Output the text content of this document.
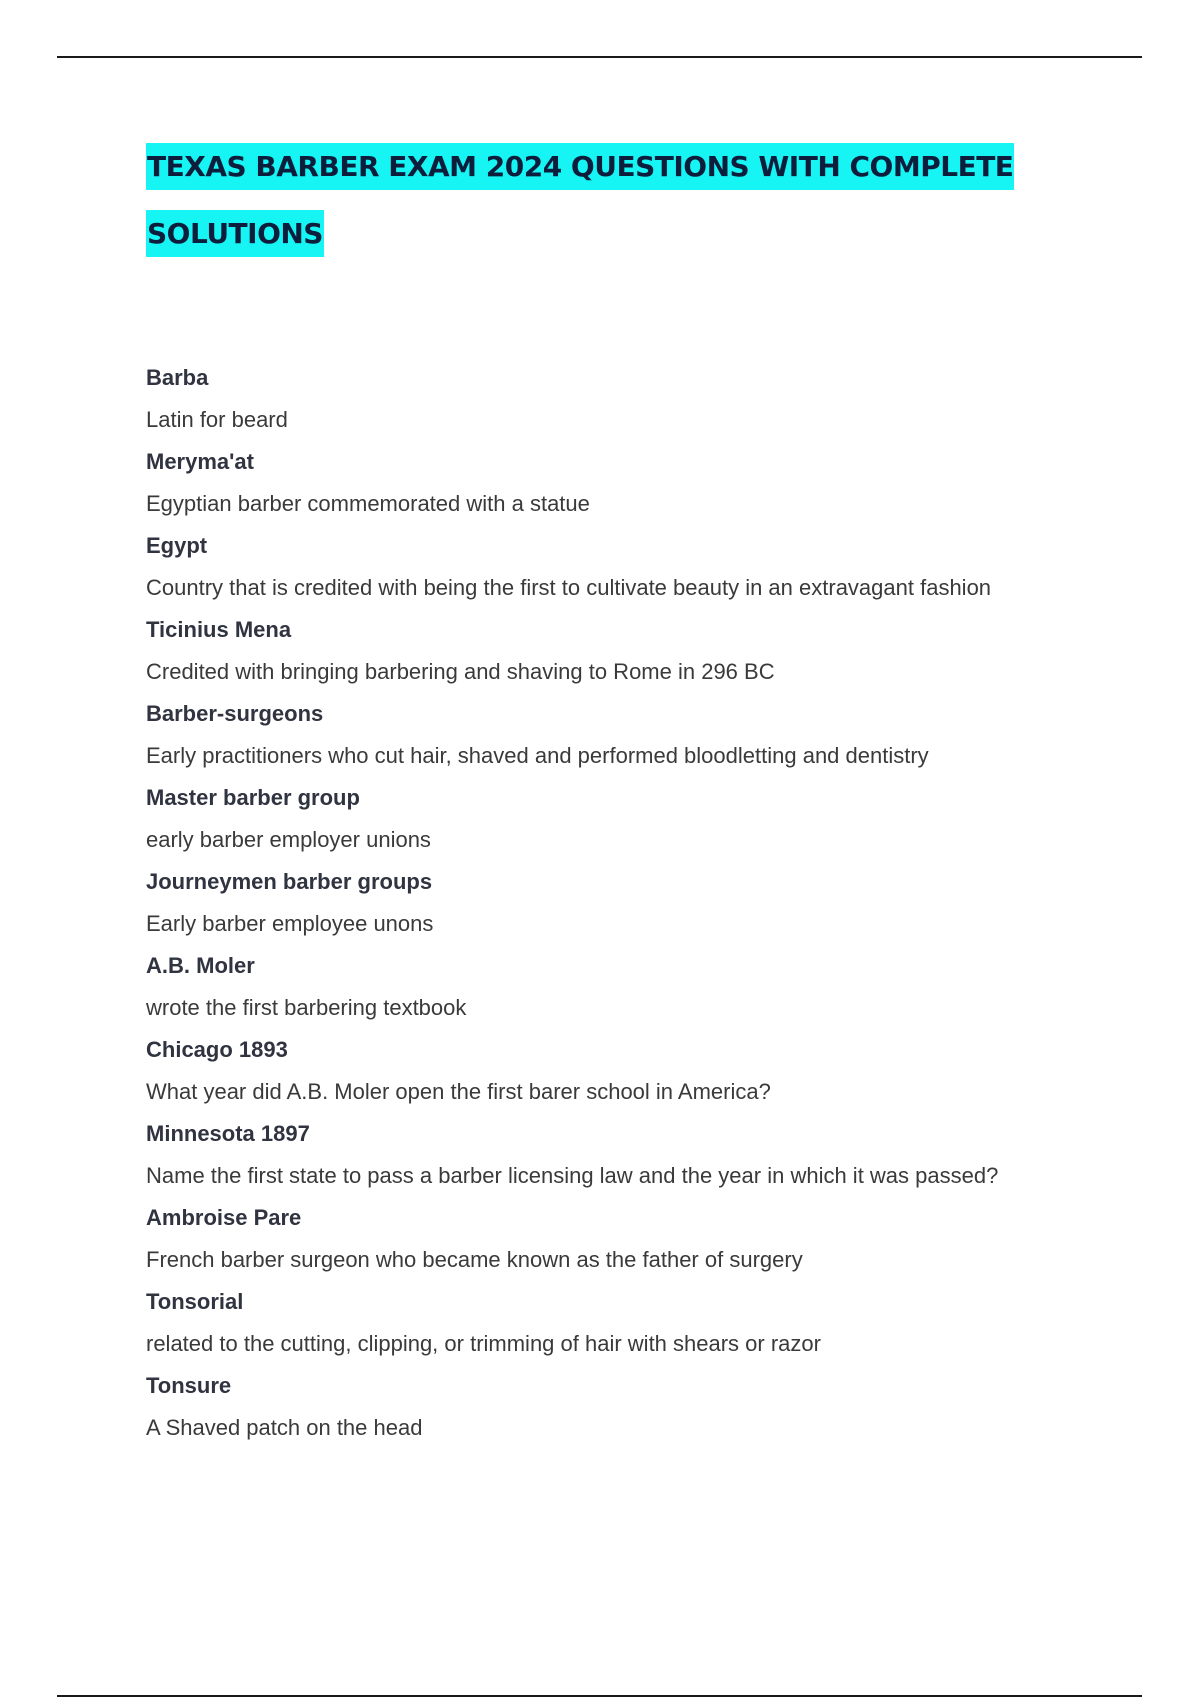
TEXAS BARBER EXAM 2024 QUESTIONS WITH COMPLETE
SOLUTIONS
Barba
Latin for beard
Meryma'at
Egyptian barber commemorated with a statue
Egypt
Country that is credited with being the first to cultivate beauty in an extravagant fashion
Ticinius Mena
Credited with bringing barbering and shaving to Rome in 296 BC
Barber-surgeons
Early practitioners who cut hair, shaved and performed bloodletting and dentistry
Master barber group
early barber employer unions
Journeymen barber groups
Early barber employee unons
A.B. Moler
wrote the first barbering textbook
Chicago 1893
What year did A.B. Moler open the first barer school in America?
Minnesota 1897
Name the first state to pass a barber licensing law and the year in which it was passed?
Ambroise Pare
French barber surgeon who became known as the father of surgery
Tonsorial
related to the cutting, clipping, or trimming of hair with shears or razor
Tonsure
A Shaved patch on the head
